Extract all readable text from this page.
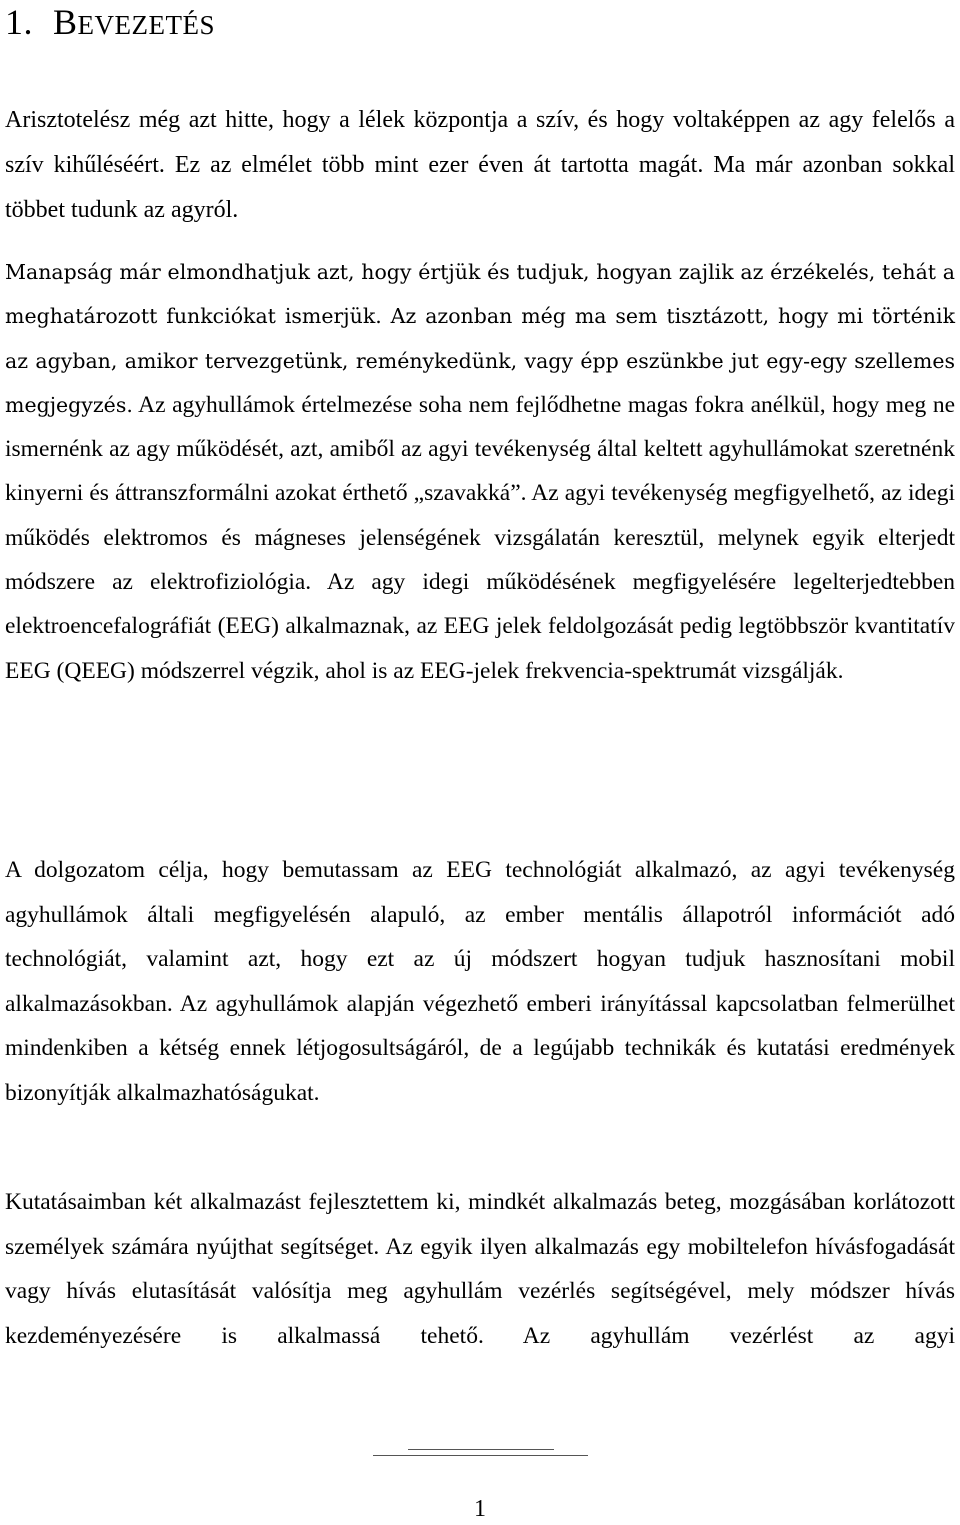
1. BEVEZETÉS

Arisztotelész még azt hitte, hogy a lélek központja a szív, és hogy voltaképpen az agy felelős a szív kihűléséért. Ez az elmélet több mint ezer éven át tartotta magát. Ma már azonban sokkal többet tudunk az agyról.

Manapság már elmondhatjuk azt, hogy értjük és tudjuk, hogyan zajlik az érzékelés, tehát a meghatározott funkciókat ismerjük. Az azonban még ma sem tisztázott, hogy mi történik az agyban, amikor tervezgetünk, reménykedünk, vagy épp eszünkbe jut egy-egy szellemes megjegyzés. Az agyhullámok értelmezése soha nem fejlődhetne magas fokra anélkül, hogy meg ne ismernénk az agy működését, azt, amiből az agyi tevékenység által keltett agyhullámokat szeretnénk kinyerni és áttranszformálni azokat érthető „szavakká”. Az agyi tevékenység megfigyelhető, az idegi működés elektromos és mágneses jelenségének vizsgálatán keresztül, melynek egyik elterjedt módszere az elektrofiziológia. Az agy idegi működésének megfigyelésére legelterjedtebben elektroencefalográfiát (EEG) alkalmaznak, az EEG jelek feldolgozását pedig legtöbbször kvantitatív EEG (QEEG) módszerrel végzik, ahol is az EEG-jelek frekvencia-spektrumát vizsgálják.

A dolgozatom célja, hogy bemutassam az EEG technológiát alkalmazó, az agyi tevékenység agyhullámok általi megfigyelésén alapuló, az ember mentális állapotról információt adó technológiát, valamint azt, hogy ezt az új módszert hogyan tudjuk hasznosítani mobil alkalmazásokban. Az agyhullámok alapján végezhető emberi irányítással kapcsolatban felmerülhet mindenkiben a kétség ennek létjogosultságáról, de a legújabb technikák és kutatási eredmények bizonyítják alkalmazhatóságukat.

Kutatásaimban két alkalmazást fejlesztettem ki, mindkét alkalmazás beteg, mozgásában korlátozott személyek számára nyújthat segítséget. Az egyik ilyen alkalmazás egy mobiltelefon hívásfogadását vagy hívás elutasítását valósítja meg agyhullám vezérlés segítségével, mely módszer hívás kezdeményezésére is alkalmassá tehető. Az agyhullám vezérlést az agyi

1
